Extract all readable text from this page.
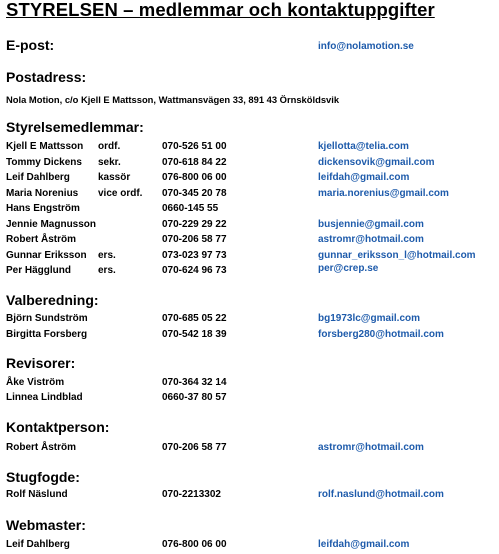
STYRELSEN – medlemmar och kontaktuppgifter
E-post:	info@nolamotion.se
Postadress:
Nola Motion, c/o Kjell E Mattsson, Wattmansvägen 33, 891 43 Örnsköldsvik
Styrelsemedlemmar:
Kjell E Mattsson ordf.	070-526 51 00	kjellotta@telia.com
Tommy Dickens sekr.	070-618 84 22	dickensovik@gmail.com
Leif Dahlberg	kassör	076-800 06 00	leifdah@gmail.com
Maria Norenius vice ordf. 070-345 20 78	maria.norenius@gmail.com
Hans Engström	0660-145 55
Jennie Magnusson	070-229 29 22	busjennie@gmail.com
Robert Åström	070-206 58 77	astromr@hotmail.com
Gunnar Eriksson ers.	073-023 97 73	gunnar_eriksson_l@hotmail.com
Per Hägglund	ers.	070-624 96 73	per@crep.se
Valberedning:
Björn Sundström	070-685 05 22	bg1973lc@gmail.com
Birgitta Forsberg	070-542 18 39	forsberg280@hotmail.com
Revisorer:
Åke Viström	070-364 32 14
Linnea Lindblad	0660-37 80 57
Kontaktperson:
Robert Åström	070-206 58 77	astromr@hotmail.com
Stugfogde:
Rolf Näslund	070-2213302	rolf.naslund@hotmail.com
Webmaster:
Leif Dahlberg	076-800 06 00	leifdah@gmail.com
